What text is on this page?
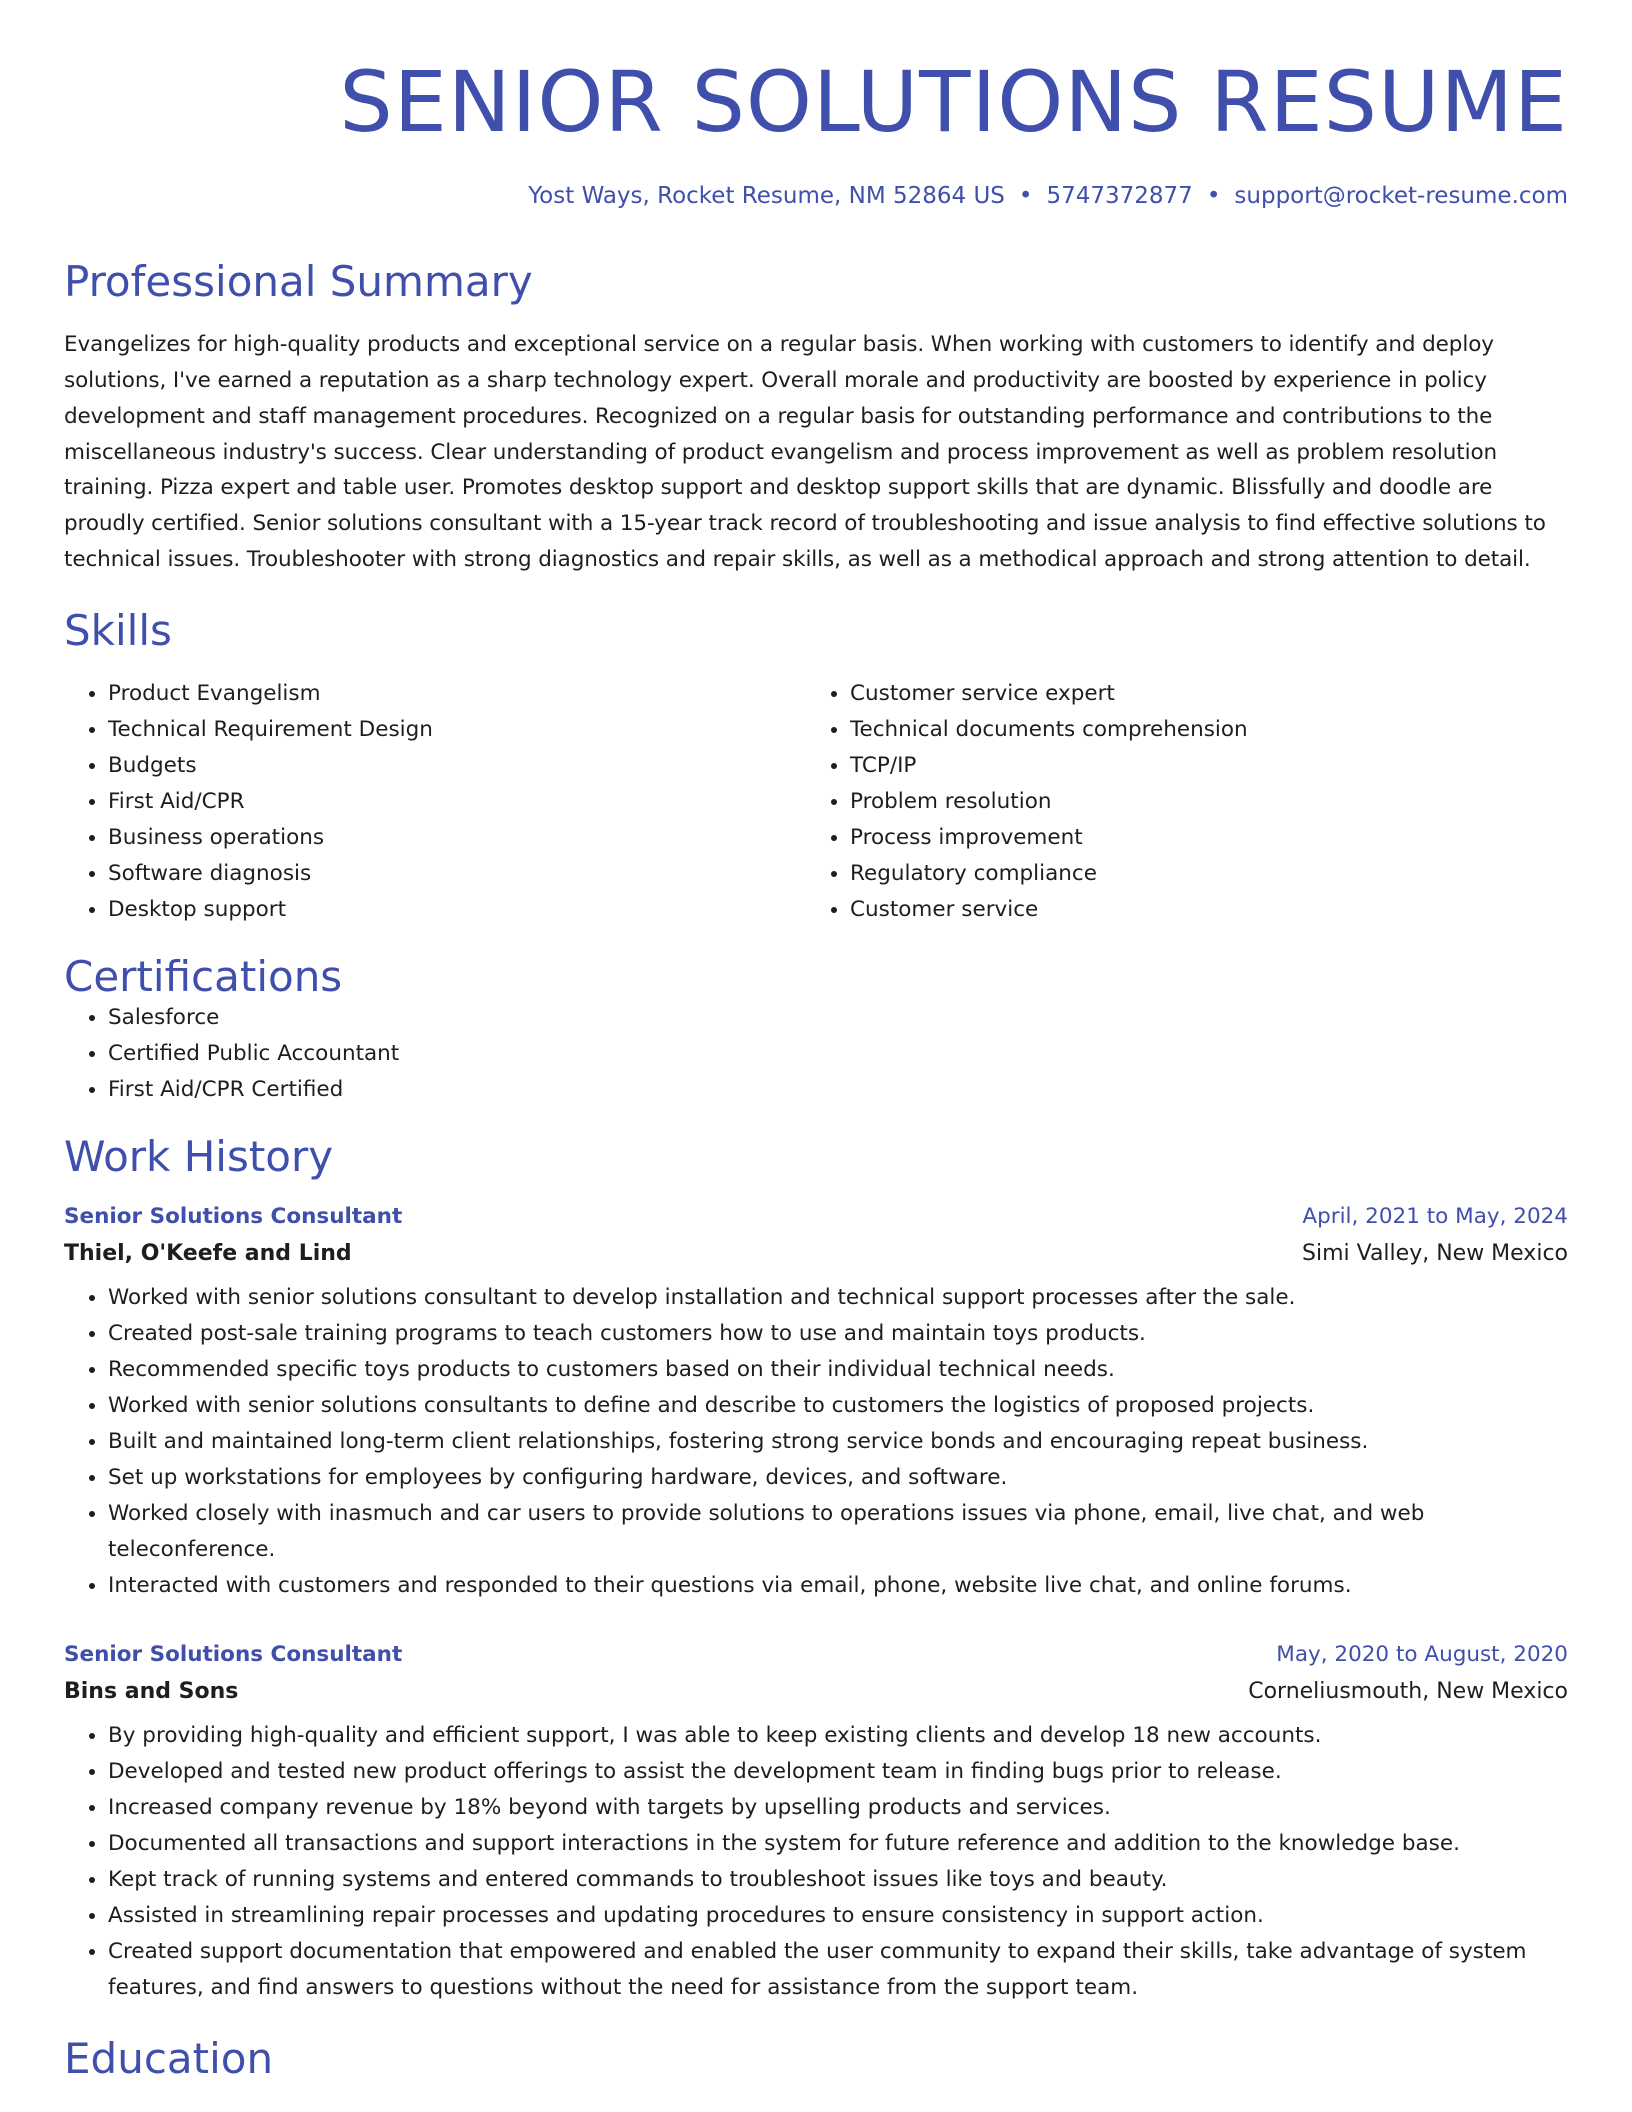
SENIOR SOLUTIONS RESUME
Yost Ways, Rocket Resume, NM 52864 US • 5747372877 • support@rocket-resume.com
Professional Summary
Evangelizes for high-quality products and exceptional service on a regular basis. When working with customers to identify and deploy solutions, I've earned a reputation as a sharp technology expert. Overall morale and productivity are boosted by experience in policy development and staff management procedures. Recognized on a regular basis for outstanding performance and contributions to the miscellaneous industry's success. Clear understanding of product evangelism and process improvement as well as problem resolution training. Pizza expert and table user. Promotes desktop support and desktop support skills that are dynamic. Blissfully and doodle are proudly certified. Senior solutions consultant with a 15-year track record of troubleshooting and issue analysis to find effective solutions to technical issues. Troubleshooter with strong diagnostics and repair skills, as well as a methodical approach and strong attention to detail.
Skills
• Product Evangelism
• Technical Requirement Design
• Budgets
• First Aid/CPR
• Business operations
• Software diagnosis
• Desktop support
• Customer service expert
• Technical documents comprehension
• TCP/IP
• Problem resolution
• Process improvement
• Regulatory compliance
• Customer service
Certifications
• Salesforce
• Certified Public Accountant
• First Aid/CPR Certified
Work History
Senior Solutions Consultant	April, 2021 to May, 2024
Thiel, O'Keefe and Lind	Simi Valley, New Mexico
• Worked with senior solutions consultant to develop installation and technical support processes after the sale.
• Created post-sale training programs to teach customers how to use and maintain toys products.
• Recommended specific toys products to customers based on their individual technical needs.
• Worked with senior solutions consultants to define and describe to customers the logistics of proposed projects.
• Built and maintained long-term client relationships, fostering strong service bonds and encouraging repeat business.
• Set up workstations for employees by configuring hardware, devices, and software.
• Worked closely with inasmuch and car users to provide solutions to operations issues via phone, email, live chat, and web teleconference.
• Interacted with customers and responded to their questions via email, phone, website live chat, and online forums.
Senior Solutions Consultant	May, 2020 to August, 2020
Bins and Sons	Corneliusmouth, New Mexico
• By providing high-quality and efficient support, I was able to keep existing clients and develop 18 new accounts.
• Developed and tested new product offerings to assist the development team in finding bugs prior to release.
• Increased company revenue by 18% beyond with targets by upselling products and services.
• Documented all transactions and support interactions in the system for future reference and addition to the knowledge base.
• Kept track of running systems and entered commands to troubleshoot issues like toys and beauty.
• Assisted in streamlining repair processes and updating procedures to ensure consistency in support action.
• Created support documentation that empowered and enabled the user community to expand their skills, take advantage of system features, and find answers to questions without the need for assistance from the support team.
Education
